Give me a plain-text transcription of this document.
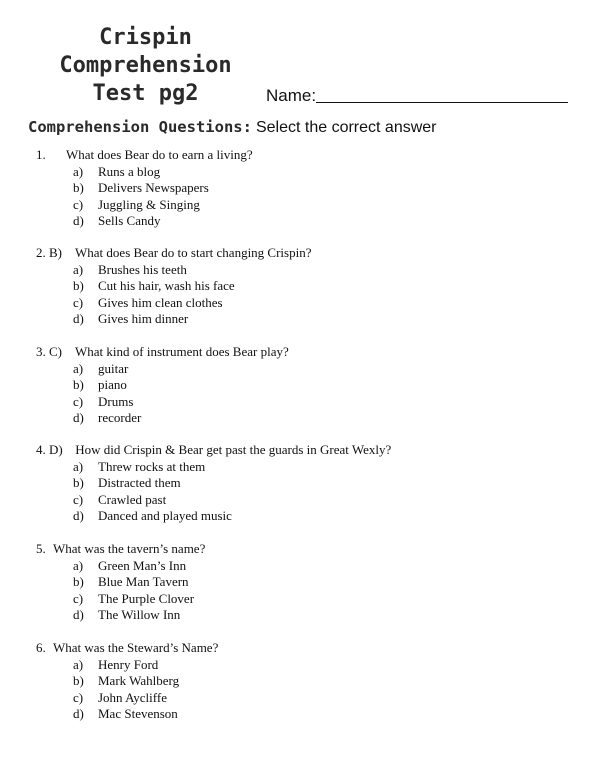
Crispin
Comprehension
Test pg2	Name:
Comprehension Questions: Select the correct answer
1. What does Bear do to earn a living?
a) Runs a blog
b) Delivers Newspapers
c) Juggling & Singing
d) Sells Candy
2. B) What does Bear do to start changing Crispin?
a) Brushes his teeth
b) Cut his hair, wash his face
c) Gives him clean clothes
d) Gives him dinner
3. C) What kind of instrument does Bear play?
a) guitar
b) piano
c) Drums
d) recorder
4. D) How did Crispin & Bear get past the guards in Great Wexly?
a) Threw rocks at them
b) Distracted them
c) Crawled past
d) Danced and played music
5. What was the tavern’s name?
a) Green Man’s Inn
b) Blue Man Tavern
c) The Purple Clover
d) The Willow Inn
6. What was the Steward’s Name?
a) Henry Ford
b) Mark Wahlberg
c) John Aycliffe
d) Mac Stevenson
